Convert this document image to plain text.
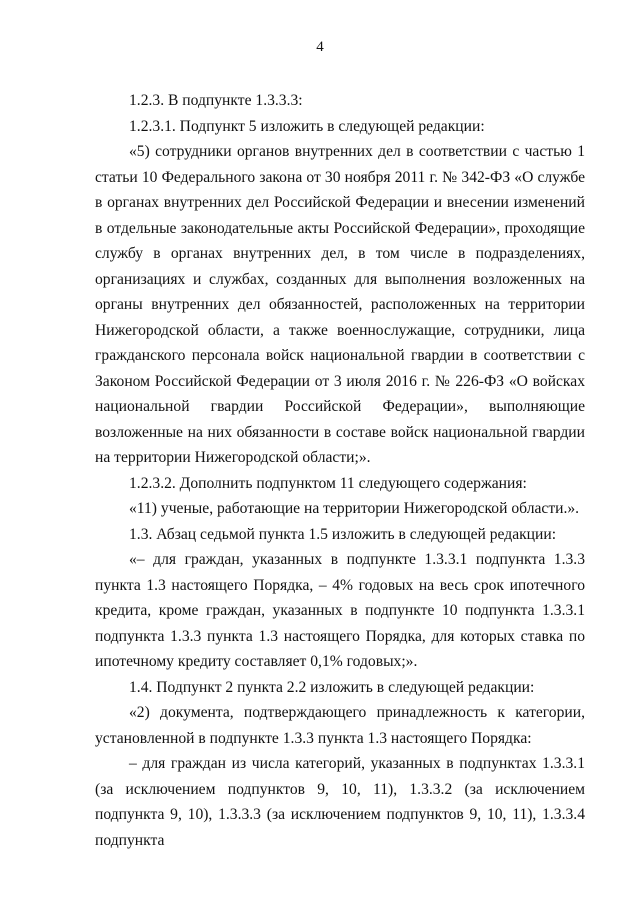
4

1.2.3. В подпункте 1.3.3.3:

1.2.3.1. Подпункт 5 изложить в следующей редакции:

«5) сотрудники органов внутренних дел в соответствии с частью 1 статьи 10 Федерального закона от 30 ноября 2011 г. № 342-ФЗ «О службе в органах внутренних дел Российской Федерации и внесении изменений в отдельные законодательные акты Российской Федерации», проходящие службу в органах внутренних дел, в том числе в подразделениях, организациях и службах, созданных для выполнения возложенных на органы внутренних дел обязанностей, расположенных на территории Нижегородской области, а также военнослужащие, сотрудники, лица гражданского персонала войск национальной гвардии в соответствии с Законом Российской Федерации от 3 июля 2016 г. № 226-ФЗ «О войсках национальной гвардии Российской Федерации», выполняющие возложенные на них обязанности в составе войск национальной гвардии на территории Нижегородской области;».

1.2.3.2. Дополнить подпунктом 11 следующего содержания:

«11) ученые, работающие на территории Нижегородской области.».

1.3. Абзац седьмой пункта 1.5 изложить в следующей редакции:

«– для граждан, указанных в подпункте 1.3.3.1 подпункта 1.3.3 пункта 1.3 настоящего Порядка, – 4% годовых на весь срок ипотечного кредита, кроме граждан, указанных в подпункте 10 подпункта 1.3.3.1 подпункта 1.3.3 пункта 1.3 настоящего Порядка, для которых ставка по ипотечному кредиту составляет 0,1% годовых;».

1.4. Подпункт 2 пункта 2.2 изложить в следующей редакции:

«2) документа, подтверждающего принадлежность к категории, установленной в подпункте 1.3.3 пункта 1.3 настоящего Порядка:

– для граждан из числа категорий, указанных в подпунктах 1.3.3.1 (за исключением подпунктов 9, 10, 11), 1.3.3.2 (за исключением подпункта 9, 10), 1.3.3.3 (за исключением подпунктов 9, 10, 11), 1.3.3.4 подпункта
